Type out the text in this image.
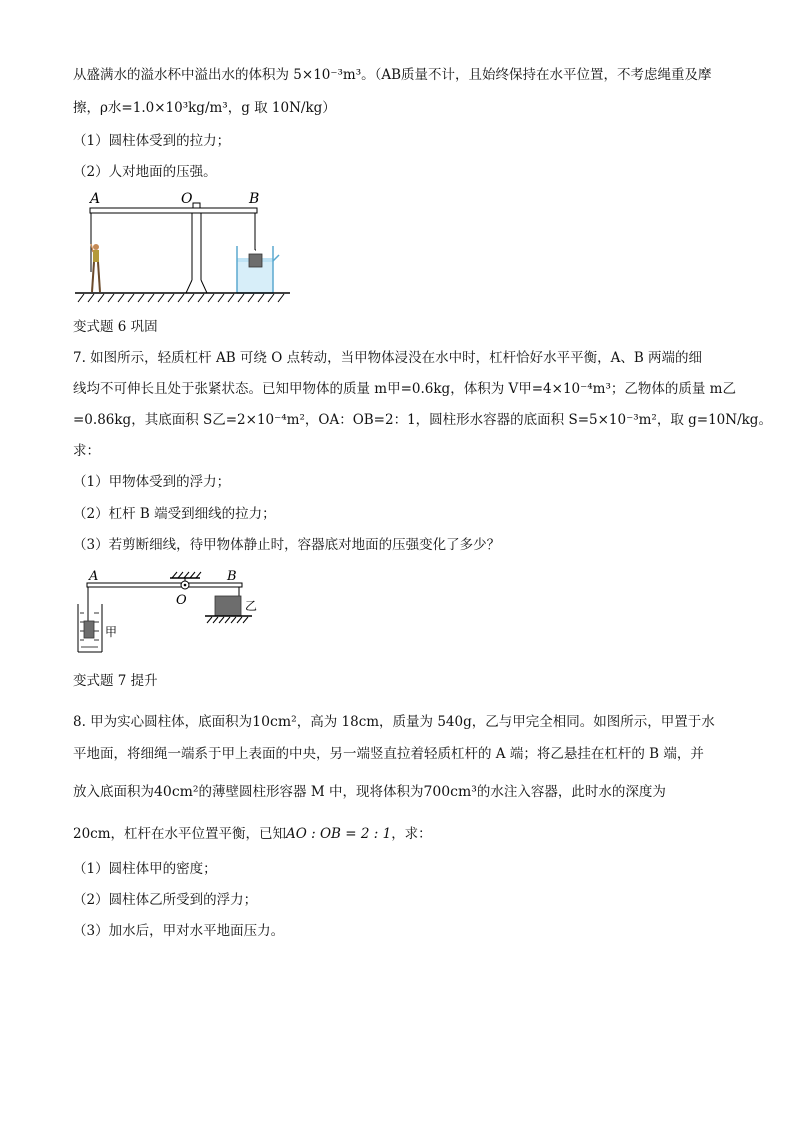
从盛满水的溢水杯中溢出水的体积为 5×10⁻³m³。（AB质量不计，且始终保持在水平位置，不考虑绳重及摩
擦，ρ水=1.0×10³kg/m³，g 取 10N/kg）
（1）圆柱体受到的拉力；
（2）人对地面的压强。
A	O	B
变式题 6 巩固
7. 如图所示，轻质杠杆 AB 可绕 O 点转动，当甲物体浸没在水中时，杠杆恰好水平平衡，A、B 两端的细
线均不可伸长且处于张紧状态。已知甲物体的质量 m甲=0.6kg，体积为 V甲=4×10⁻⁴m³；乙物体的质量 m乙
=0.86kg，其底面积 S乙=2×10⁻⁴m²，OA：OB=2：1，圆柱形水容器的底面积 S=5×10⁻³m²，取 g=10N/kg。
求：
（1）甲物体受到的浮力；
（2）杠杆 B 端受到细线的拉力；
（3）若剪断细线，待甲物体静止时，容器底对地面的压强变化了多少？
A
O
B
甲
乙
变式题 7 提升
8. 甲为实心圆柱体，底面积为10cm²，高为 18cm，质量为 540g，乙与甲完全相同。如图所示，甲置于水
平地面，将细绳一端系于甲上表面的中央，另一端竖直拉着轻质杠杆的 A 端；将乙悬挂在杠杆的 B 端，并
放入底面积为40cm²的薄壁圆柱形容器 M 中，现将体积为700cm³的水注入容器，此时水的深度为
20cm，杠杆在水平位置平衡，已知AO : OB = 2 : 1，求：
（1）圆柱体甲的密度；
（2）圆柱体乙所受到的浮力；
（3）加水后，甲对水平地面压力。
